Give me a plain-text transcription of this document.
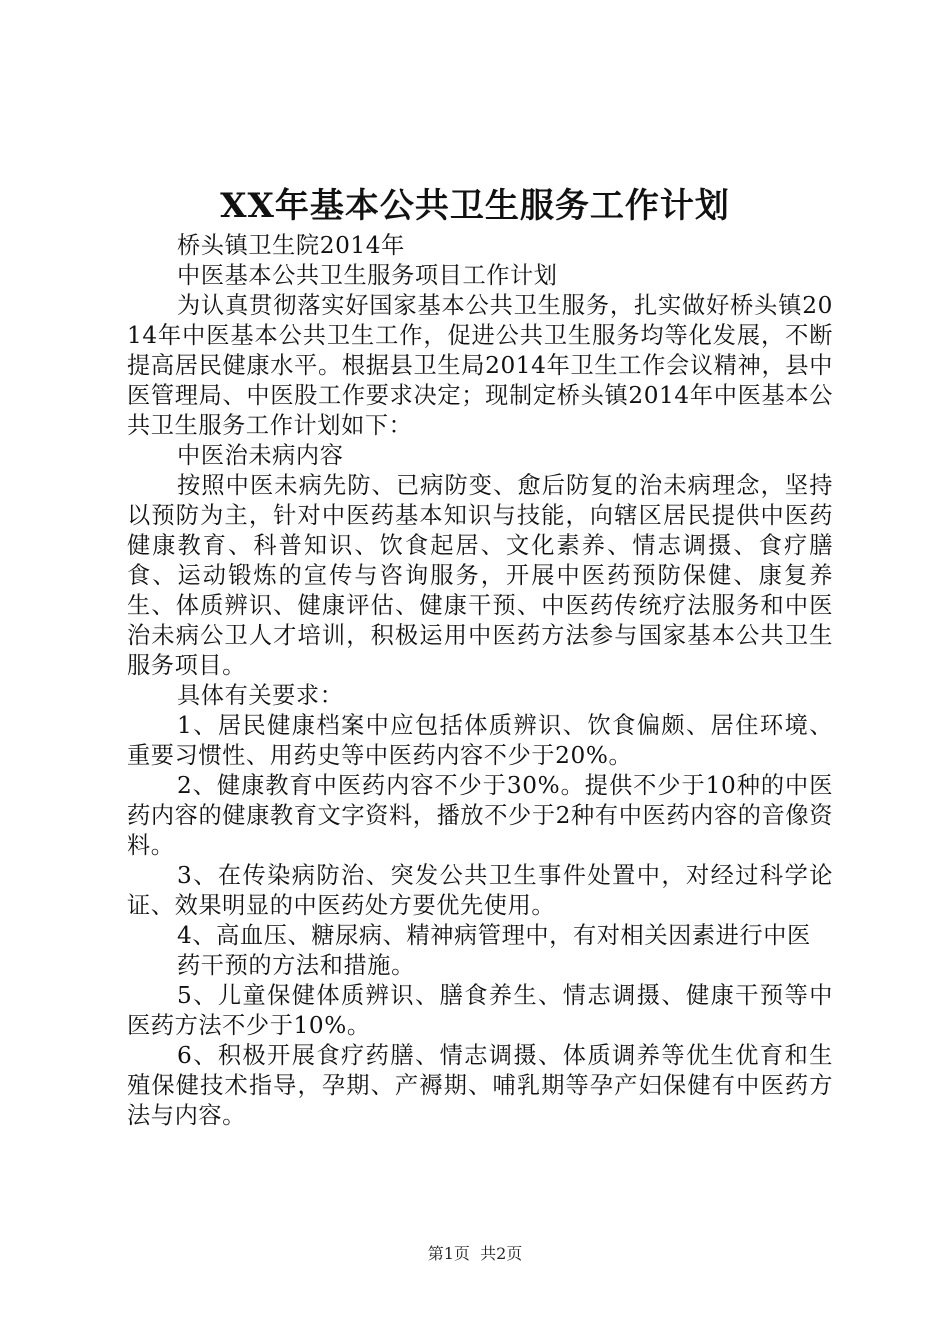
XX年基本公共卫生服务工作计划

桥头镇卫生院2014年

中医基本公共卫生服务项目工作计划

为认真贯彻落实好国家基本公共卫生服务，扎实做好桥头镇2014年中医基本公共卫生工作，促进公共卫生服务均等化发展，不断提高居民健康水平。根据县卫生局2014年卫生工作会议精神，县中医管理局、中医股工作要求决定；现制定桥头镇2014年中医基本公共卫生服务工作计划如下：

中医治未病内容

按照中医未病先防、已病防变、愈后防复的治未病理念，坚持以预防为主，针对中医药基本知识与技能，向辖区居民提供中医药健康教育、科普知识、饮食起居、文化素养、情志调摄、食疗膳食、运动锻炼的宣传与咨询服务，开展中医药预防保健、康复养生、体质辨识、健康评估、健康干预、中医药传统疗法服务和中医治未病公卫人才培训，积极运用中医药方法参与国家基本公共卫生服务项目。

具体有关要求：

1、居民健康档案中应包括体质辨识、饮食偏颇、居住环境、重要习惯性、用药史等中医药内容不少于20%。

2、健康教育中医药内容不少于30%。提供不少于10种的中医药内容的健康教育文字资料，播放不少于2种有中医药内容的音像资料。

3、在传染病防治、突发公共卫生事件处置中，对经过科学论证、效果明显的中医药处方要优先使用。

4、高血压、糖尿病、精神病管理中，有对相关因素进行中医

药干预的方法和措施。

5、儿童保健体质辨识、膳食养生、情志调摄、健康干预等中医药方法不少于10%。

6、积极开展食疗药膳、情志调摄、体质调养等优生优育和生殖保健技术指导，孕期、产褥期、哺乳期等孕产妇保健有中医药方法与内容。

第1页  共2页
